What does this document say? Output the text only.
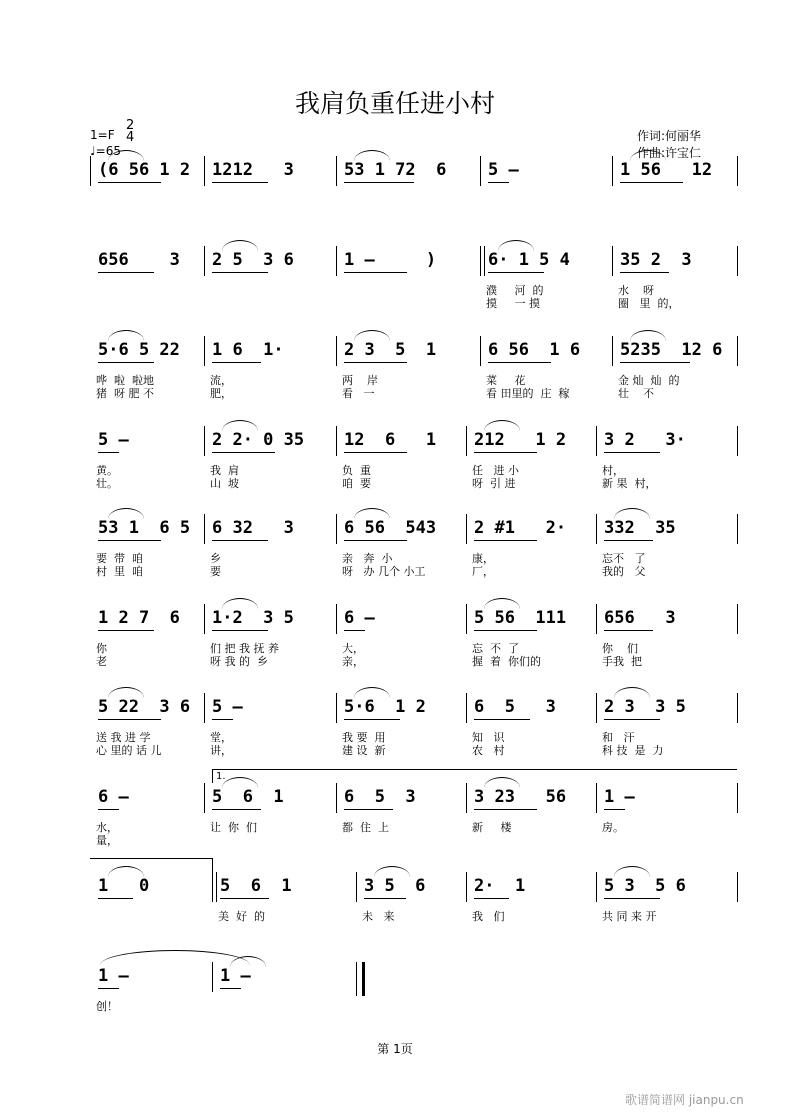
我肩负重任进小村
1=F
2
4
♩=65
作词:何丽华
作曲:许宝仁
(6 56 1 2 1212   3	53 1 72  6 5 –	1 56   12
656    3 2 5  3 6	1 –     )	6· 1 5 4	35 2  3
濮     河  的	水    呀
摸     一 摸	圈   里  的，
5·6 5 22 1 6  1·	2 3  5  1	6 56  1 6 5235  12 6
哗  啦  啦地	流，	两    岸	菜     花	金 灿  灿  的
猪  呀 肥 不	肥，	看   一	看 田里的  庄  稼	壮    不
5 –	2 2· 0 35 12  6   1 212   1 2 3 2   3·
黄。	我  肩	负  重	任   进 小	村，
壮。	山  坡	咱  要	呀  引 进	新 果  村，
53 1  6 5 6 32   3	6 56  543 2 #1   2· 332  35
要  带  咱	乡	亲   奔  小	康，	忘不   了
村  里  咱	要	呀   办 几个 小工	厂，	我的   父
1 2 7  6 1·2  3 5	6 –	5 56  111 656   3
你	们 把 我 抚 养	大，	忘  不  了	你    们
老	呀 我 的  乡	亲，	握  着  你们的	手我  把
5 22  3 6 5 –	5·6  1 2	6  5   3	2 3  3 5
送 我 进 学	堂，	我 要  用	知   识	和   汗
心 里的 话 儿	讲，	建 设  新	农   村	科 技  是  力
6 –	5  6  1	6  5  3	3 23   56 1 –
水，	让  你  们	都  住  上	新     楼	房。
量，
1   0	5  6  1	3 5  6	2·  1	5 3  5 6
美  好  的	未   来	我   们	共 同 来 开
1 –	1 –
创！
1.
第 1页
歌谱简谱网 jianpu.cn
